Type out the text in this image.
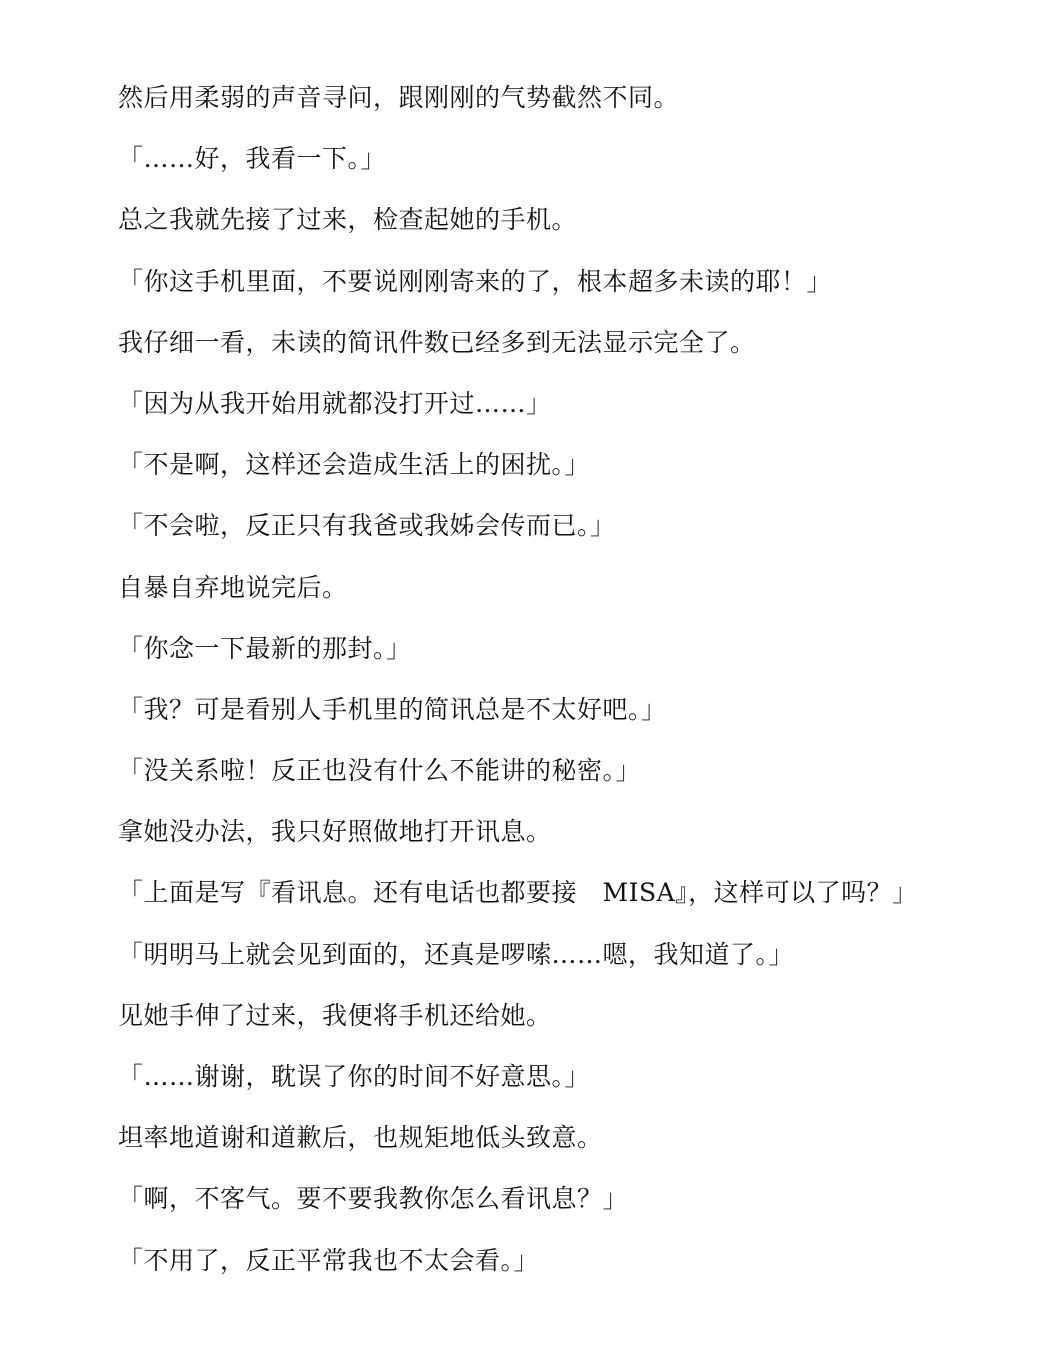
然后用柔弱的声音寻问，跟刚刚的气势截然不同。

「……好，我看一下。」

总之我就先接了过来，检查起她的手机。

「你这手机里面，不要说刚刚寄来的了，根本超多未读的耶！」

我仔细一看，未读的简讯件数已经多到无法显示完全了。

「因为从我开始用就都没打开过……」

「不是啊，这样还会造成生活上的困扰。」

「不会啦，反正只有我爸或我姊会传而已。」

自暴自弃地说完后。

「你念一下最新的那封。」

「我？可是看别人手机里的简讯总是不太好吧。」

「没关系啦！反正也没有什么不能讲的秘密。」

拿她没办法，我只好照做地打开讯息。

「上面是写『看讯息。还有电话也都要接　MISA』，这样可以了吗？」

「明明马上就会见到面的，还真是啰嗦……嗯，我知道了。」

见她手伸了过来，我便将手机还给她。

「……谢谢，耽误了你的时间不好意思。」

坦率地道谢和道歉后，也规矩地低头致意。

「啊，不客气。要不要我教你怎么看讯息？」

「不用了，反正平常我也不太会看。」
